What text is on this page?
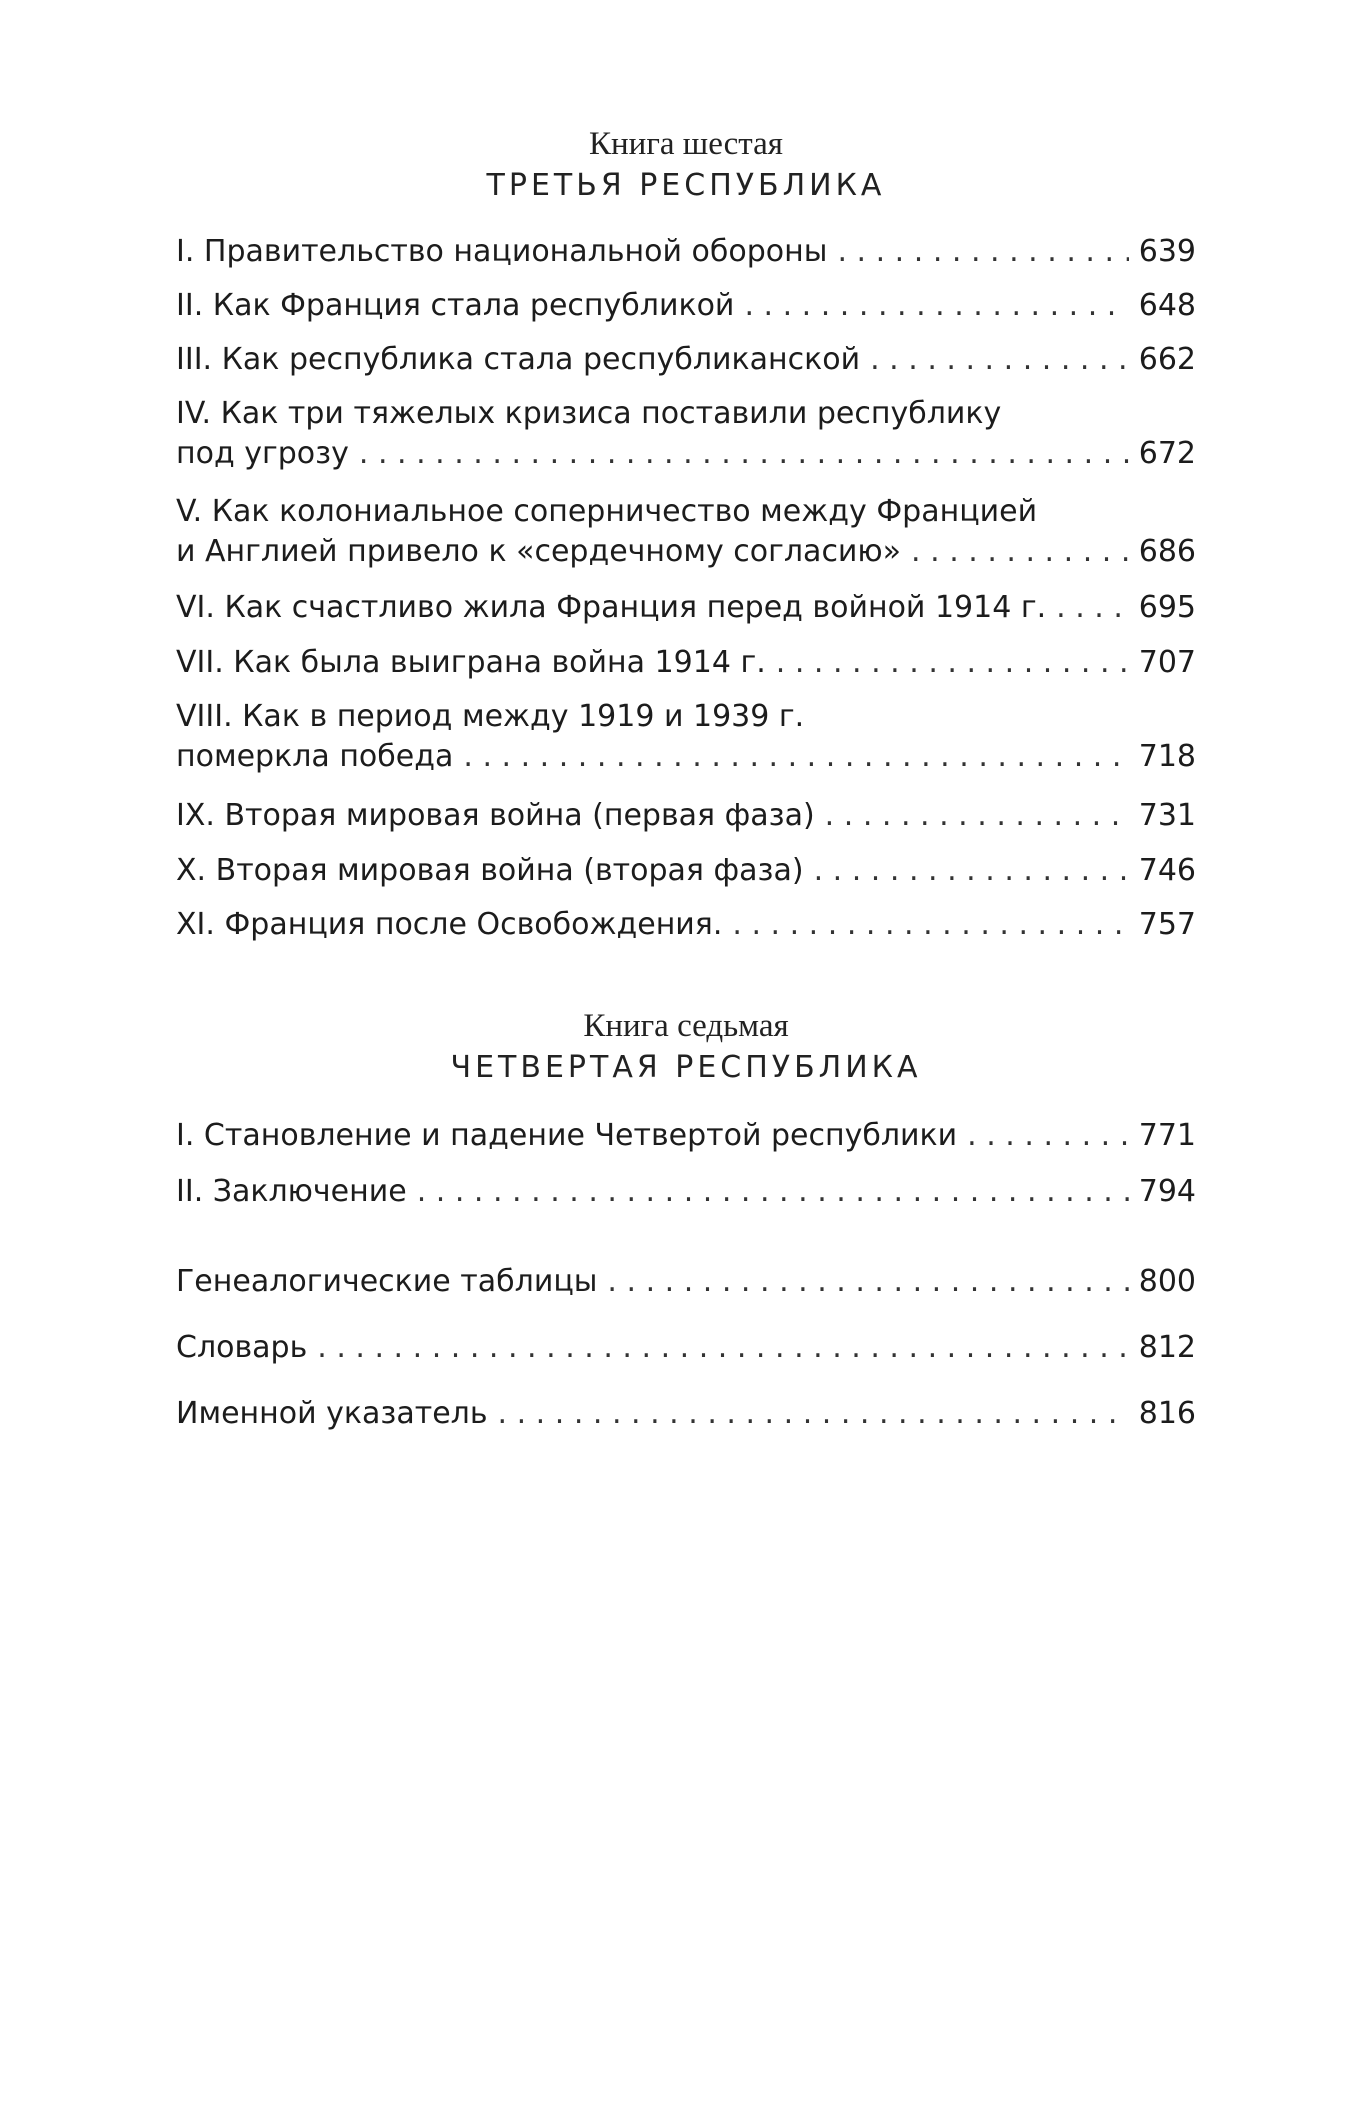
Книга шестая
ТРЕТЬЯ РЕСПУБЛИКА
I. Правительство национальной обороны . . .	639
II. Как Франция стала республикой . . .	648
III. Как республика стала республиканской . . .	662
IV. Как три тяжелых кризиса поставили республику
под угрозу . . .	672
V. Как колониальное соперничество между Францией
и Англией привело к «сердечному согласию» . . .	686
VI. Как счастливо жила Франция перед войной 1914 г. . . .	695
VII. Как была выиграна война 1914 г. . . .	707
VIII. Как в период между 1919 и 1939 г.
померкла победа . . .	718
IX. Вторая мировая война (первая фаза) . . .	731
X. Вторая мировая война (вторая фаза) . . .	746
XI. Франция после Освобождения. . . .	757
Книга седьмая
ЧЕТВЕРТАЯ РЕСПУБЛИКА
I. Становление и падение Четвертой республики . . .	771
II. Заключение . . .	794
Генеалогические таблицы . . .	800
Словарь . . .	812
Именной указатель . . .	816
